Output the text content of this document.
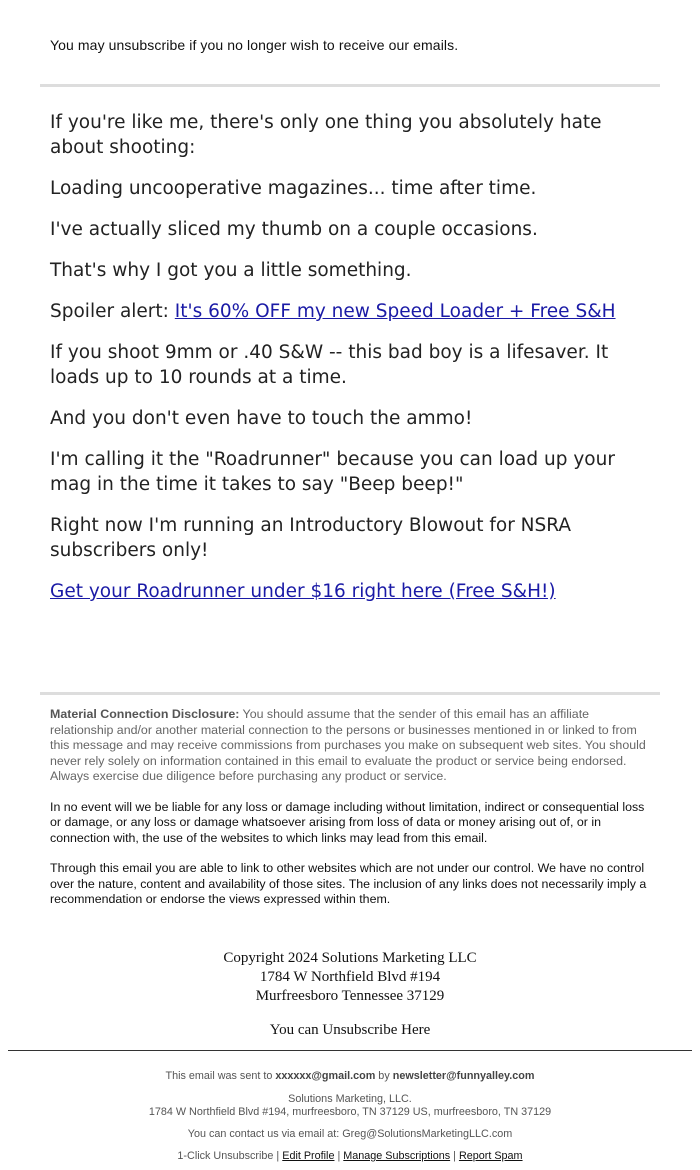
You may unsubscribe if you no longer wish to receive our emails.

If you're like me, there's only one thing you absolutely hate about shooting:

Loading uncooperative magazines... time after time.

I've actually sliced my thumb on a couple occasions.

That's why I got you a little something.

Spoiler alert: It's 60% OFF my new Speed Loader + Free S&H

If you shoot 9mm or .40 S&W -- this bad boy is a lifesaver. It loads up to 10 rounds at a time.

And you don't even have to touch the ammo!

I'm calling it the "Roadrunner" because you can load up your mag in the time it takes to say "Beep beep!"

Right now I'm running an Introductory Blowout for NSRA subscribers only!

Get your Roadrunner under $16 right here (Free S&H!)

Material Connection Disclosure: You should assume that the sender of this email has an affiliate relationship and/or another material connection to the persons or businesses mentioned in or linked to from this message and may receive commissions from purchases you make on subsequent web sites. You should never rely solely on information contained in this email to evaluate the product or service being endorsed. Always exercise due diligence before purchasing any product or service.

In no event will we be liable for any loss or damage including without limitation, indirect or consequential loss or damage, or any loss or damage whatsoever arising from loss of data or money arising out of, or in connection with, the use of the websites to which links may lead from this email.

Through this email you are able to link to other websites which are not under our control. We have no control over the nature, content and availability of those sites. The inclusion of any links does not necessarily imply a recommendation or endorse the views expressed within them.

Copyright 2024 Solutions Marketing LLC
1784 W Northfield Blvd #194
Murfreesboro Tennessee 37129
You can Unsubscribe Here
This email was sent to xxxxxx@gmail.com by newsletter@funnyalley.com
Solutions Marketing, LLC.
1784 W Northfield Blvd #194, murfreesboro, TN 37129 US, murfreesboro, TN 37129
You can contact us via email at: Greg@SolutionsMarketingLLC.com
1-Click Unsubscribe | Edit Profile | Manage Subscriptions | Report Spam
